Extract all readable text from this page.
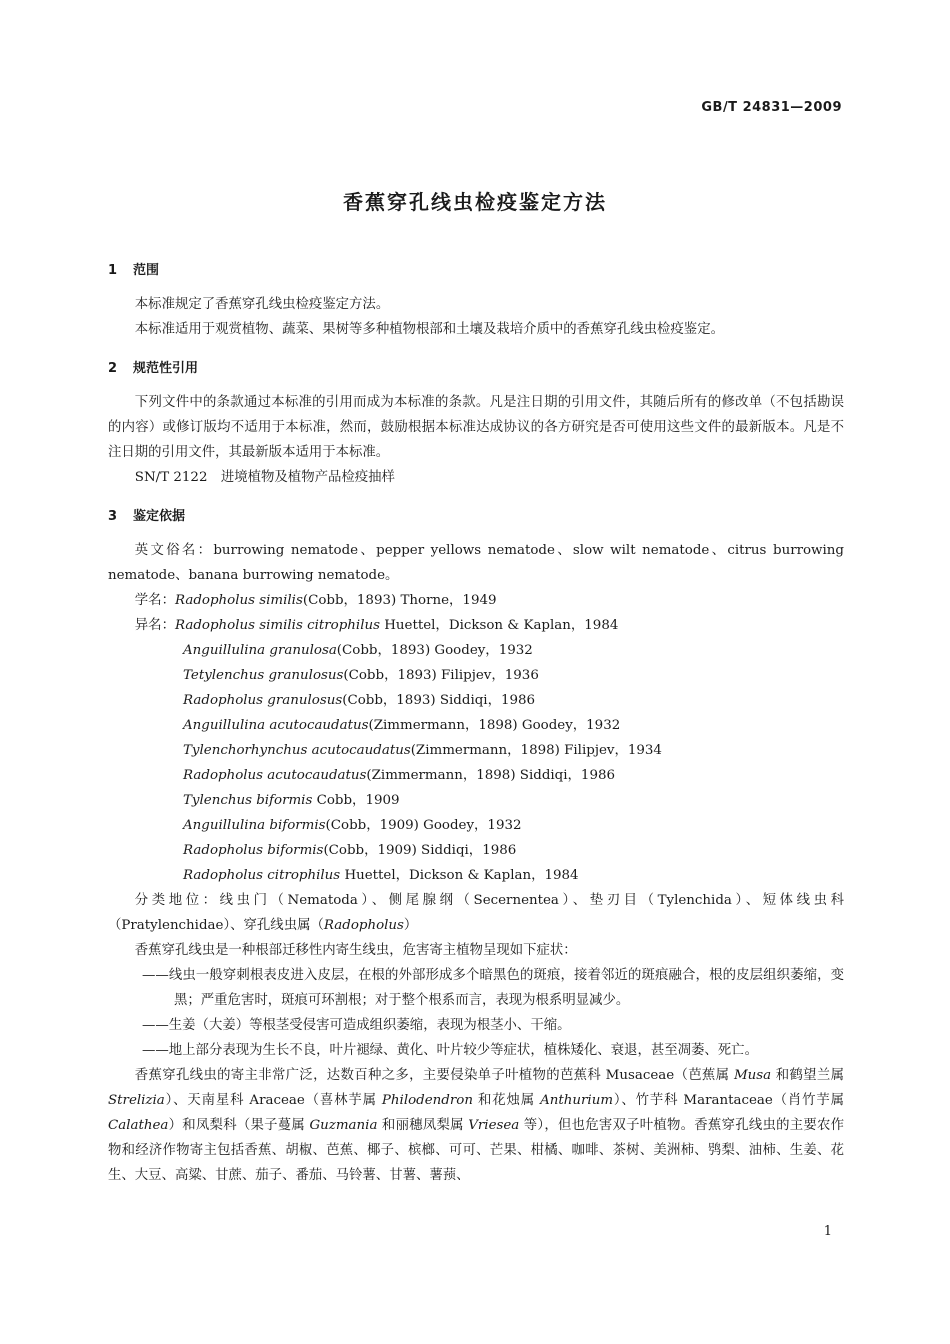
GB/T 24831—2009
香蕉穿孔线虫检疫鉴定方法
1 范围

本标准规定了香蕉穿孔线虫检疫鉴定方法。

本标准适用于观赏植物、蔬菜、果树等多种植物根部和土壤及栽培介质中的香蕉穿孔线虫检疫鉴定。

2 规范性引用

下列文件中的条款通过本标准的引用而成为本标准的条款。凡是注日期的引用文件，其随后所有的修改单（不包括勘误的内容）或修订版均不适用于本标准，然而，鼓励根据本标准达成协议的各方研究是否可使用这些文件的最新版本。凡是不注日期的引用文件，其最新版本适用于本标准。

SN/T 2122　进境植物及植物产品检疫抽样

3 鉴定依据

英文俗名：burrowing nematode、pepper yellows nematode、slow wilt nematode、citrus burrowing nematode、banana burrowing nematode。

学名：Radopholus similis(Cobb，1893) Thorne，1949

异名：Radopholus similis citrophilus Huettel，Dickson & Kaplan，1984

Anguillulina granulosa(Cobb，1893) Goodey，1932
Tetylenchus granulosus(Cobb，1893) Filipjev，1936
Radopholus granulosus(Cobb，1893) Siddiqi，1986
Anguillulina acutocaudatus(Zimmermann，1898) Goodey，1932
Tylenchorhynchus acutocaudatus(Zimmermann，1898) Filipjev，1934
Radopholus acutocaudatus(Zimmermann，1898) Siddiqi，1986
Tylenchus biformis Cobb，1909
Anguillulina biformis(Cobb，1909) Goodey，1932
Radopholus biformis(Cobb，1909) Siddiqi，1986
Radopholus citrophilus Huettel，Dickson & Kaplan，1984

分类地位：线虫门（Nematoda）、侧尾腺纲（Secernentea）、垫刃目（Tylenchida）、短体线虫科（Pratylenchidae）、穿孔线虫属（Radopholus）

香蕉穿孔线虫是一种根部迁移性内寄生线虫，危害寄主植物呈现如下症状：

——线虫一般穿刺根表皮进入皮层，在根的外部形成多个暗黑色的斑痕，接着邻近的斑痕融合，根的皮层组织萎缩，变黑；严重危害时，斑痕可环割根；对于整个根系而言，表现为根系明显减少。

——生姜（大姜）等根茎受侵害可造成组织萎缩，表现为根茎小、干缩。

——地上部分表现为生长不良，叶片褪绿、黄化、叶片较少等症状，植株矮化、衰退，甚至凋萎、死亡。

香蕉穿孔线虫的寄主非常广泛，达数百种之多，主要侵染单子叶植物的芭蕉科 Musaceae（芭蕉属 Musa 和鹤望兰属 Strelizia）、天南星科 Araceae（喜林芋属 Philodendron 和花烛属 Anthurium）、竹芋科 Marantaceae（肖竹芋属 Calathea）和凤梨科（果子蔓属 Guzmania 和丽穗凤梨属 Vriesea 等），但也危害双子叶植物。香蕉穿孔线虫的主要农作物和经济作物寄主包括香蕉、胡椒、芭蕉、椰子、槟榔、可可、芒果、柑橘、咖啡、茶树、美洲柿、鸮梨、油柿、生姜、花生、大豆、高粱、甘蔗、茄子、番茄、马铃薯、甘薯、薯蓣、

1
